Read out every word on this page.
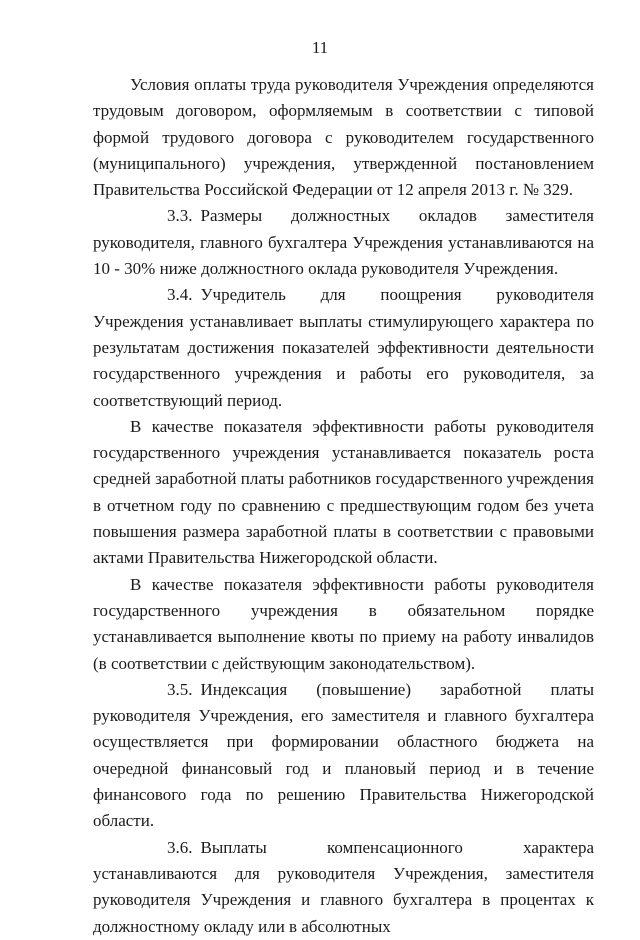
11

Условия оплаты труда руководителя Учреждения определяются трудовым договором, оформляемым в соответствии с типовой формой трудового договора с руководителем государственного (муниципального) учреждения, утвержденной постановлением Правительства Российской Федерации от 12 апреля 2013 г. № 329.

3.3. Размеры должностных окладов заместителя руководителя, главного бухгалтера Учреждения устанавливаются на 10 - 30% ниже должностного оклада руководителя Учреждения.

3.4. Учредитель для поощрения руководителя Учреждения устанавливает выплаты стимулирующего характера по результатам достижения показателей эффективности деятельности государственного учреждения и работы его руководителя, за соответствующий период.

В качестве показателя эффективности работы руководителя государственного учреждения устанавливается показатель роста средней заработной платы работников государственного учреждения в отчетном году по сравнению с предшествующим годом без учета повышения размера заработной платы в соответствии с правовыми актами Правительства Нижегородской области.

В качестве показателя эффективности работы руководителя государственного учреждения в обязательном порядке устанавливается выполнение квоты по приему на работу инвалидов (в соответствии с действующим законодательством).

3.5. Индексация (повышение) заработной платы руководителя Учреждения, его заместителя и главного бухгалтера осуществляется при формировании областного бюджета на очередной финансовый год и плановый период и в течение финансового года по решению Правительства Нижегородской области.

3.6. Выплаты компенсационного характера устанавливаются для руководителя Учреждения, заместителя руководителя Учреждения и главного бухгалтера в процентах к должностному окладу или в абсолютных
